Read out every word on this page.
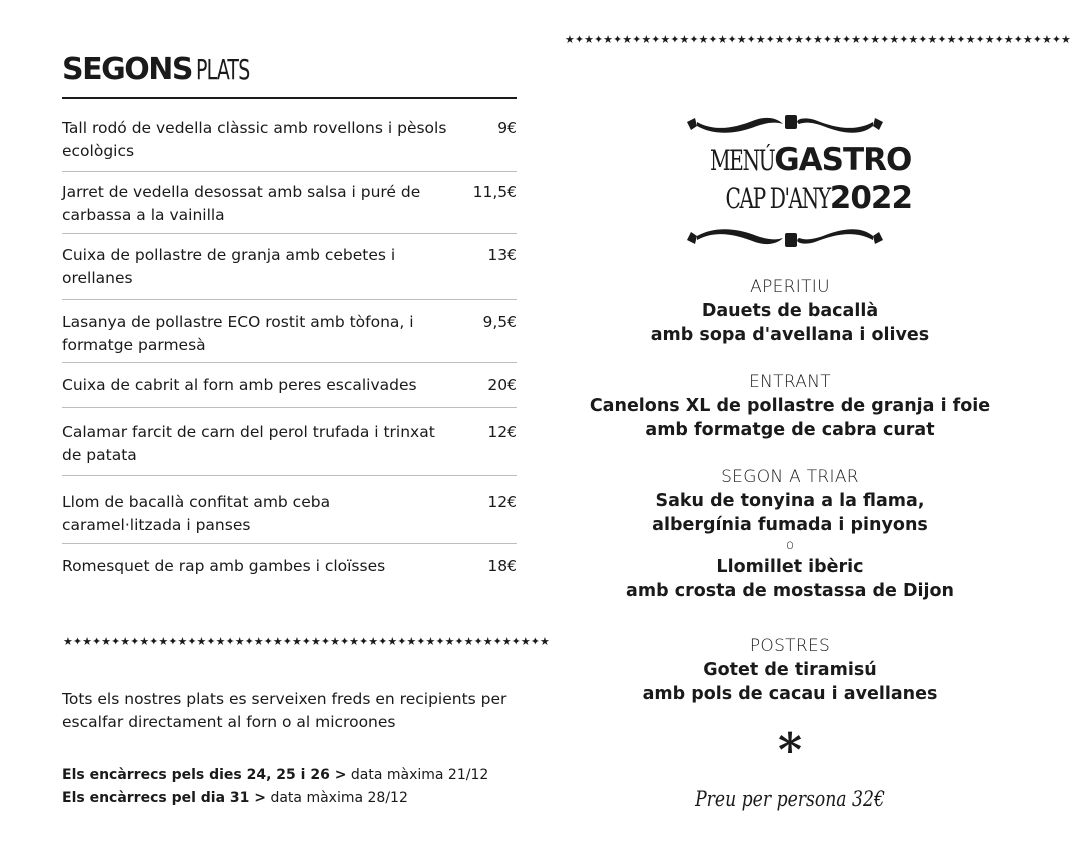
★✦★✦★✦★✦★✦★✦★✦★✦★✦★✦★✦★✦★✦★✦★✦★✦★✦★✦★✦★✦★✦★✦★✦★✦★✦★✦★
★✦★✦★✦★✦★✦★✦★✦★✦★✦★✦★✦★✦★✦★✦★✦★✦★✦★✦★✦★✦★✦★✦★✦★✦★✦★
SEGONS PLATS
Tall rodó de vedella clàssic amb rovellons i pèsols ecològics
9€
Jarret de vedella desossat amb salsa i puré de carbassa a la vainilla
11,5€
Cuixa de pollastre de granja amb cebetes i orellanes
13€
Lasanya de pollastre ECO rostit amb tòfona, i formatge parmesà
9,5€
Cuixa de cabrit al forn amb peres escalivades	20€
Calamar farcit de carn del perol trufada i trinxat de patata
12€
Llom de bacallà confitat amb ceba caramel·litzada i panses
12€
Romesquet de rap amb gambes i cloïsses	18€
Tots els nostres plats es serveixen freds en recipients per escalfar directament al forn o al microones
Els encàrrecs pels dies 24, 25 i 26 > data màxima 21/12
Els encàrrecs pel dia 31 > data màxima 28/12
MENÚGASTRO
CAP D'ANY2022
APERITIU
Dauets de bacallà
amb sopa d'avellana i olives
ENTRANT
Canelons XL de pollastre de granja i foie
amb formatge de cabra curat
SEGON A TRIAR
Saku de tonyina a la flama,
albergínia fumada i pinyons
o
Llomillet ibèric
amb crosta de mostassa de Dijon
POSTRES
Gotet de tiramisú
amb pols de cacau i avellanes
*
Preu per persona 32€
